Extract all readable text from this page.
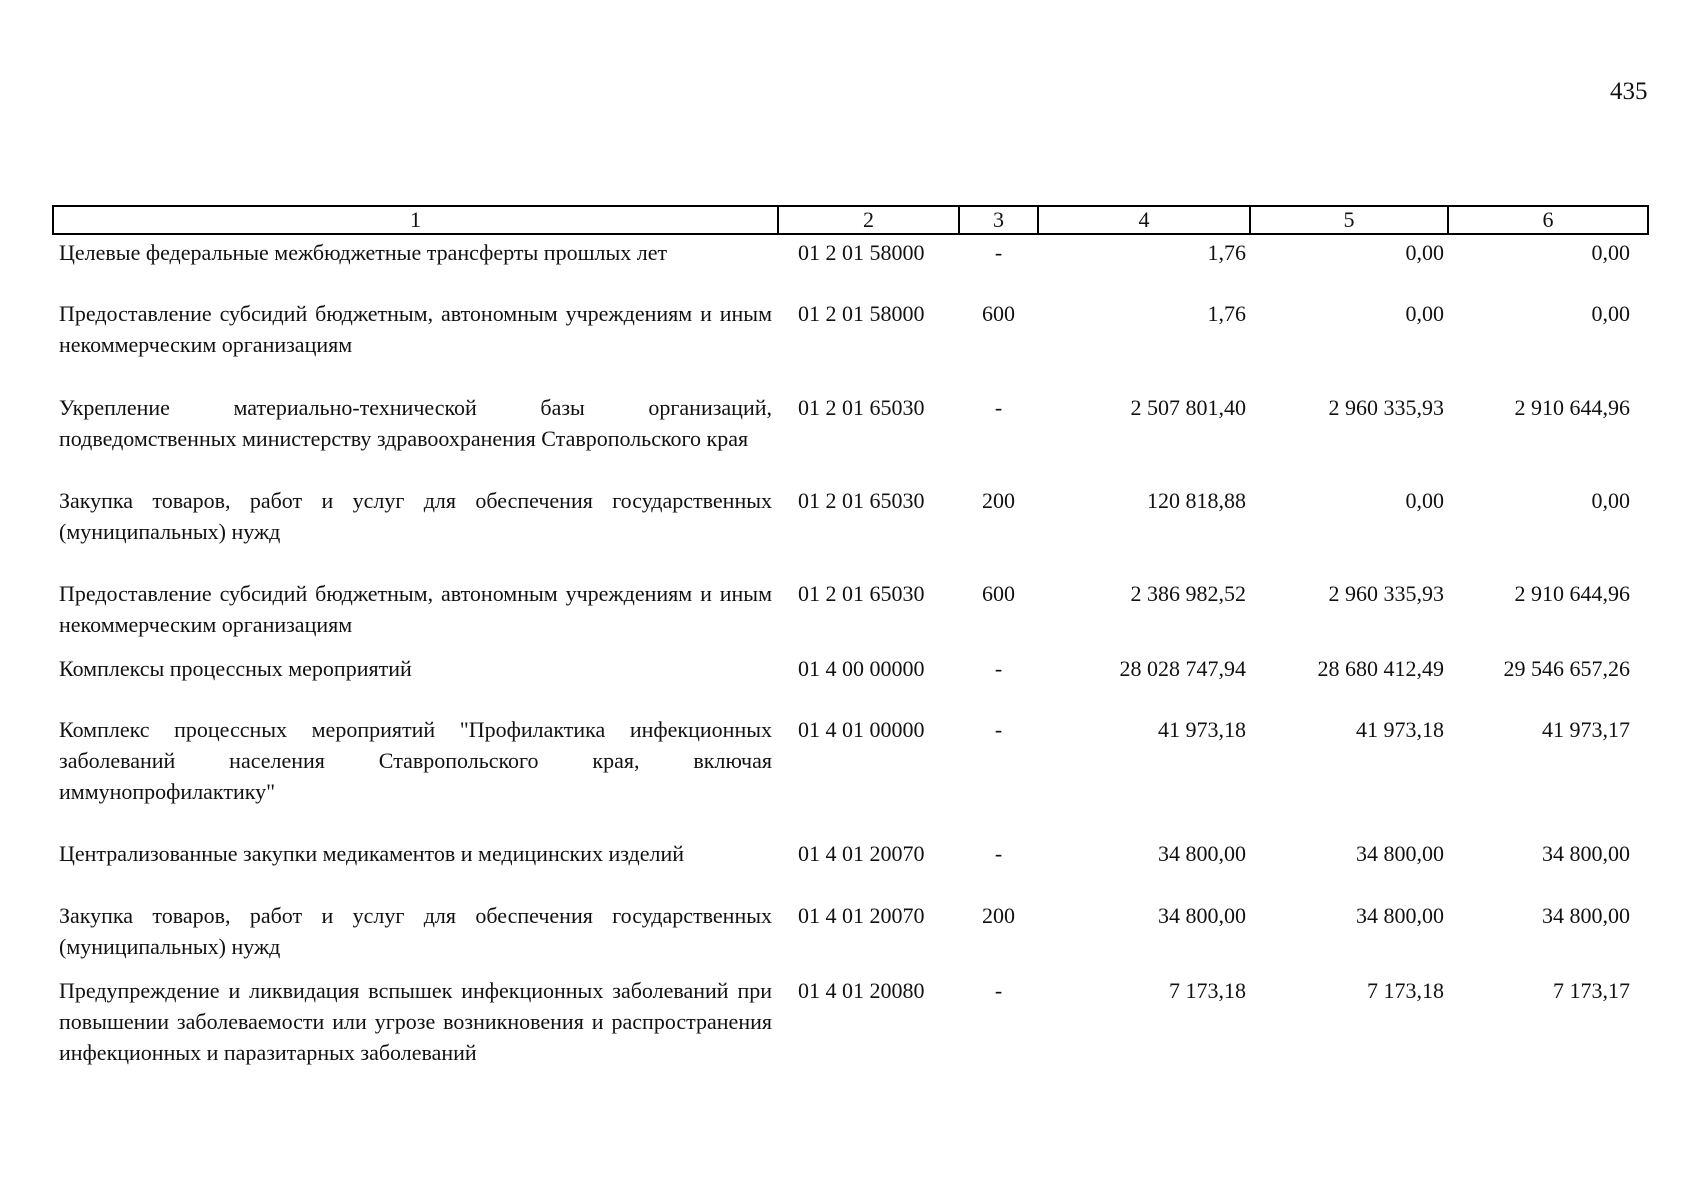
435
1	2	3	4	5	6
Целевые федеральные межбюджетные трансферты прошлых лет	01 2 01 58000	-	1,76	0,00	0,00
Предоставление субсидий бюджетным, автономным учреждениям и иным некоммерческим организациям	01 2 01 58000	600	1,76	0,00	0,00
Укрепление материально-технической базы организаций, подведомственных министерству здравоохранения Ставропольского края	01 2 01 65030	-	2 507 801,40	2 960 335,93	2 910 644,96
Закупка товаров, работ и услуг для обеспечения государственных (муниципальных) нужд	01 2 01 65030	200	120 818,88	0,00	0,00
Предоставление субсидий бюджетным, автономным учреждениям и иным некоммерческим организациям	01 2 01 65030	600	2 386 982,52	2 960 335,93	2 910 644,96
Комплексы процессных мероприятий	01 4 00 00000	-	28 028 747,94	28 680 412,49	29 546 657,26
Комплекс процессных мероприятий "Профилактика инфекционных заболеваний населения Ставропольского края, включая иммунопрофилактику"	01 4 01 00000	-	41 973,18	41 973,18	41 973,17
Централизованные закупки медикаментов и медицинских изделий	01 4 01 20070	-	34 800,00	34 800,00	34 800,00
Закупка товаров, работ и услуг для обеспечения государственных (муниципальных) нужд	01 4 01 20070	200	34 800,00	34 800,00	34 800,00
Предупреждение и ликвидация вспышек инфекционных заболеваний при повышении заболеваемости или угрозе возникновения и распространения инфекционных и паразитарных заболеваний	01 4 01 20080	-	7 173,18	7 173,18	7 173,17
